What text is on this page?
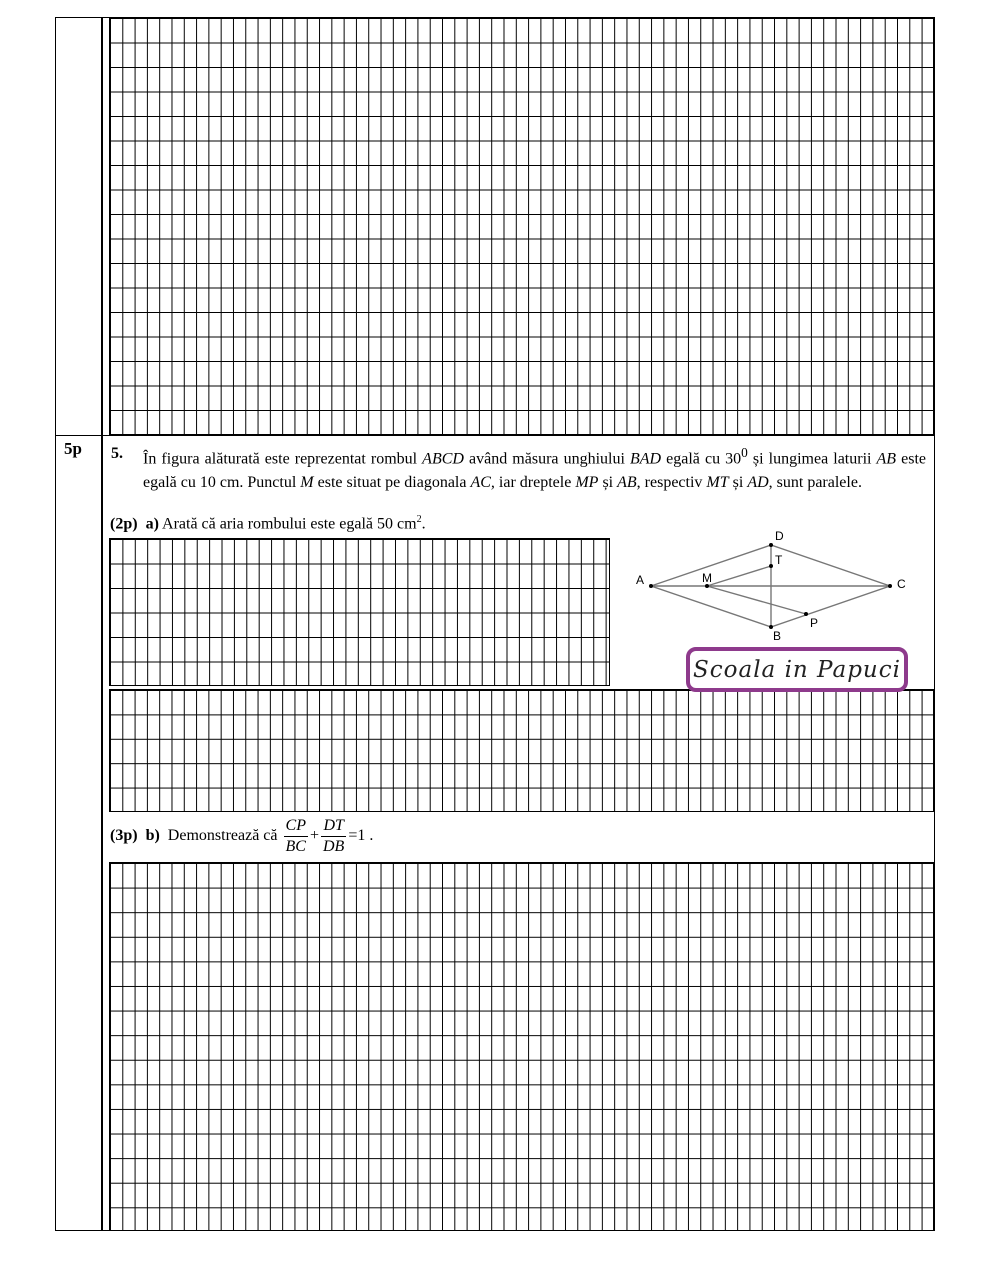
5p 5. În figura alăturată este reprezentat rombul ABCD având măsura unghiului BAD egală cu $30^0$ și lungimea laturii AB este egală cu 10 cm. Punctul M este situat pe diagonala AC, iar dreptele MP și AB, respectiv MT și AD, sunt paralele.
(2p) a) Arată că aria rombului este egală 50 $cm^2$.
A
D
C
B
M
T
P
Scoala in Papuci
(3p) b) Demonstrează că $\frac{CP}{BC} + \frac{DT}{DB} =1$ .
